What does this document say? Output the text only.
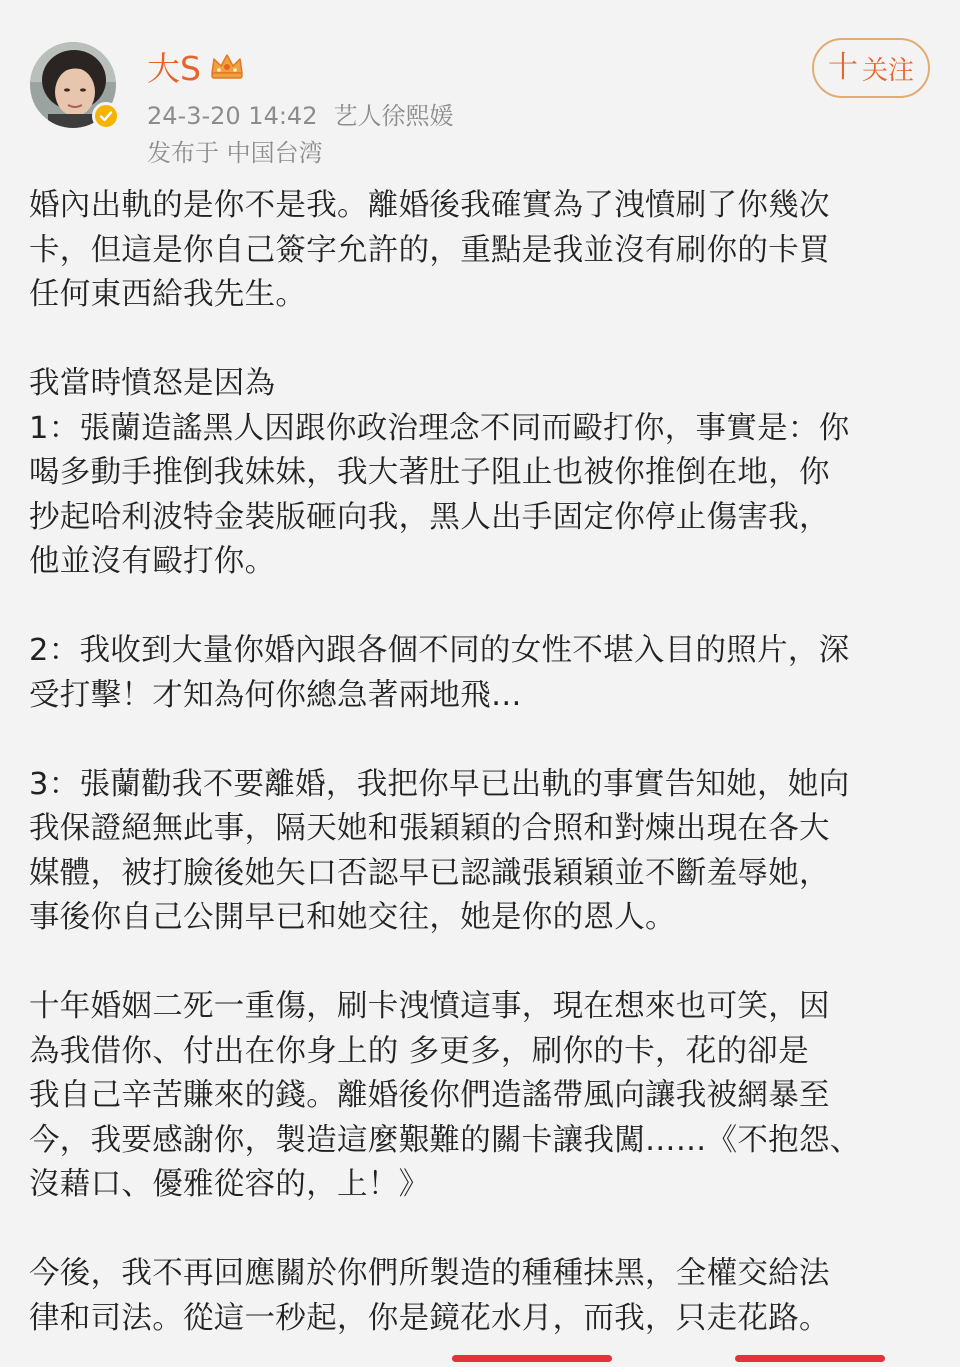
大S
24-3-20 14:42 艺人徐熙媛
发布于 中国台湾
十 关注
婚內出軌的是你不是我。離婚後我確實為了洩憤刷了你幾次
卡，但這是你自己簽字允許的，重點是我並沒有刷你的卡買
任何東西給我先生。
我當時憤怒是因為
1：張蘭造謠黑人因跟你政治理念不同而毆打你，事實是：你
喝多動手推倒我妹妹，我大著肚子阻止也被你推倒在地，你
抄起哈利波特金裝版砸向我，黑人出手固定你停止傷害我，
他並沒有毆打你。
2：我收到大量你婚內跟各個不同的女性不堪入目的照片，深
受打擊！才知為何你總急著兩地飛…
3：張蘭勸我不要離婚，我把你早已出軌的事實告知她，她向
我保證絕無此事，隔天她和張穎穎的合照和對煉出現在各大
媒體，被打臉後她矢口否認早已認識張穎穎並不斷羞辱她，
事後你自己公開早已和她交往，她是你的恩人。
十年婚姻二死一重傷，刷卡洩憤這事，現在想來也可笑，因
為我借你、付出在你身上的 多更多，刷你的卡，花的卻是
我自己辛苦賺來的錢。離婚後你們造謠帶風向讓我被網暴至
今，我要感謝你，製造這麼艱難的關卡讓我闖……《不抱怨、
沒藉口、優雅從容的，上！》
今後，我不再回應關於你們所製造的種種抹黑，全權交給法
律和司法。從這一秒起，你是鏡花水月，而我，只走花路。
